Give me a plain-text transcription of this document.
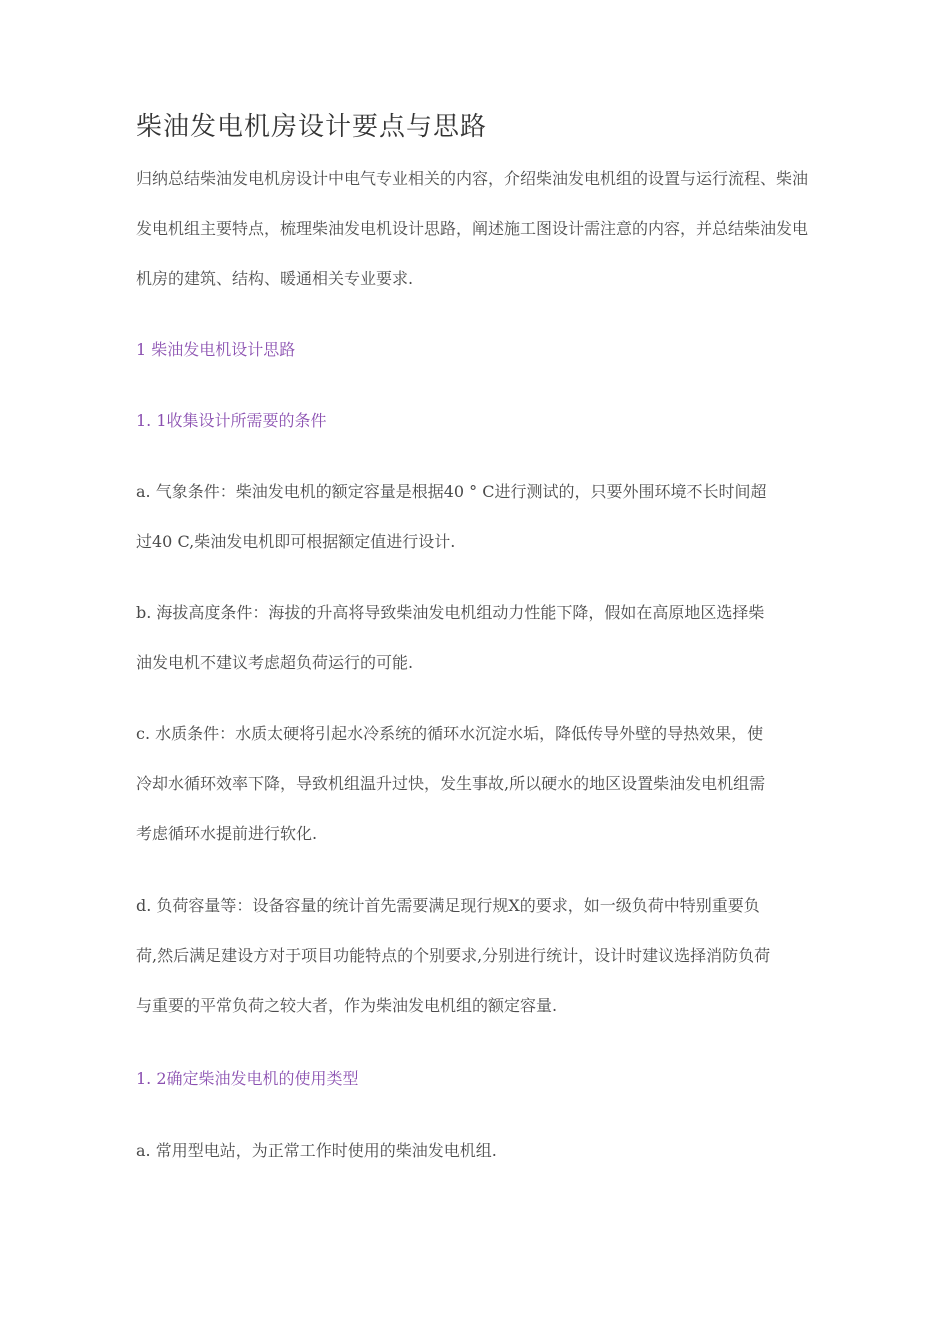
柴油发电机房设计要点与思路
归纳总结柴油发电机房设计中电气专业相关的内容，介绍柴油发电机组的设置与运行流程、柴油
发电机组主要特点，梳理柴油发电机设计思路，阐述施工图设计需注意的内容，并总结柴油发电
机房的建筑、结构、暖通相关专业要求.
1 柴油发电机设计思路
1. 1收集设计所需要的条件
a. 气象条件：柴油发电机的额定容量是根据40 ° C进行测试的，只要外围环境不长时间超
过40 C,柴油发电机即可根据额定值进行设计.
b. 海拔高度条件：海拔的升高将导致柴油发电机组动力性能下降，假如在高原地区选择柴
油发电机不建议考虑超负荷运行的可能.
c. 水质条件：水质太硬将引起水冷系统的循环水沉淀水垢，降低传导外壁的导热效果，使
冷却水循环效率下降，导致机组温升过快，发生事故,所以硬水的地区设置柴油发电机组需
考虑循环水提前进行软化.
d. 负荷容量等：设备容量的统计首先需要满足现行规Ⅹ的要求，如一级负荷中特别重要负
荷,然后满足建设方对于项目功能特点的个别要求,分别进行统计，设计时建议选择消防负荷
与重要的平常负荷之较大者，作为柴油发电机组的额定容量.
1. 2确定柴油发电机的使用类型
a. 常用型电站，为正常工作时使用的柴油发电机组.
